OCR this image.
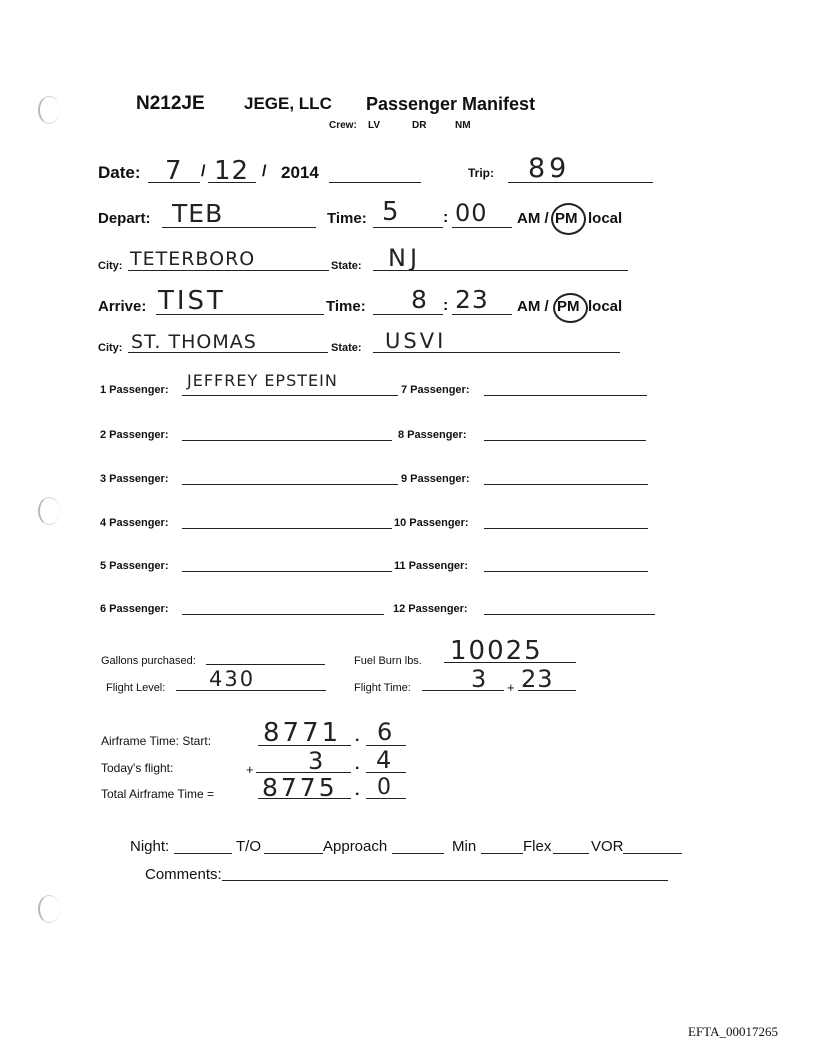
N212JE JEGE, LLC Passenger Manifest
Crew: LV	DR	NM
Date: 7 / 12 / 2014	Trip: 89
Depart: TEB	Time: 5	: 00 AM / PM local
City: TETERBORO	State: NJ
Arrive: TIST	Time: 8 : 23 AM / PM local
City: ST. THOMAS	State: USVI
1 Passenger: JEFFREY EPSTEIN	7 Passenger:
2 Passenger:	8 Passenger:
3 Passenger:	9 Passenger:
4 Passenger:	10 Passenger:
5 Passenger:	11 Passenger:
6 Passenger:	12 Passenger:
Gallons purchased:	Fuel Burn lbs. 10025
Flight Level: 430	Flight Time:	3 + 23
Airframe Time: Start: 8771 . 6
Today's flight:	+ 3 . 4
Total Airframe Time = 8775 . 0
Night:	T/O	Approach	Min	Flex	VOR
Comments:
EFTA_00017265
